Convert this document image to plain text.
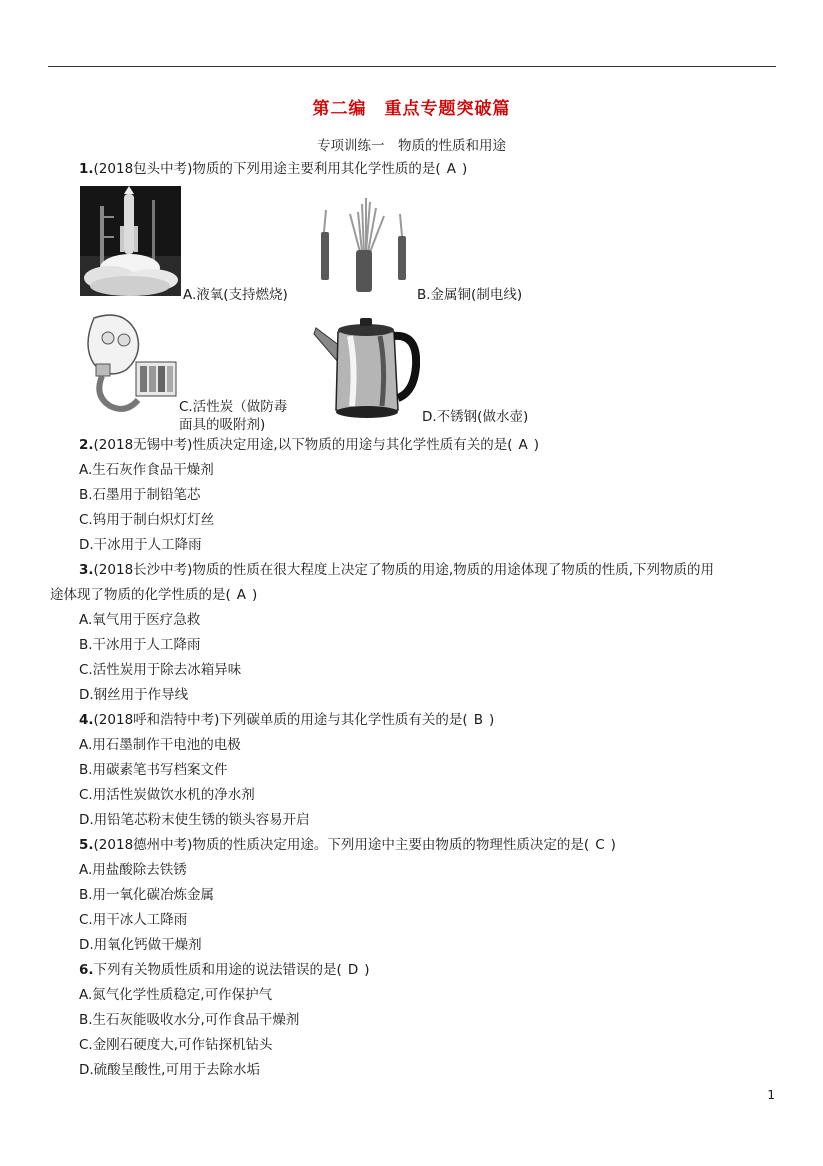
第二编　重点专题突破篇
专项训练一　物质的性质和用途
1.(2018包头中考)物质的下列用途主要利用其化学性质的是( A )
A.液氧(支持燃烧)	B.金属铜(制电线)
C.活性炭（做防毒
面具的吸附剂)	D.不锈钢(做水壶)
2.(2018无锡中考)性质决定用途,以下物质的用途与其化学性质有关的是( A )
A.生石灰作食品干燥剂
B.石墨用于制铅笔芯
C.钨用于制白炽灯灯丝
D.干冰用于人工降雨
3.(2018长沙中考)物质的性质在很大程度上决定了物质的用途,物质的用途体现了物质的性质,下列物质的用
途体现了物质的化学性质的是( A )
A.氧气用于医疗急救
B.干冰用于人工降雨
C.活性炭用于除去冰箱异味
D.钢丝用于作导线
4.(2018呼和浩特中考)下列碳单质的用途与其化学性质有关的是( B )
A.用石墨制作干电池的电极
B.用碳素笔书写档案文件
C.用活性炭做饮水机的净水剂
D.用铅笔芯粉末使生锈的锁头容易开启
5.(2018德州中考)物质的性质决定用途。下列用途中主要由物质的物理性质决定的是( C )
A.用盐酸除去铁锈
B.用一氧化碳冶炼金属
C.用干冰人工降雨
D.用氧化钙做干燥剂
6.下列有关物质性质和用途的说法错误的是( D )
B.生石灰能吸收水分,可作食品干燥剂
A.氮气化学性质稳定,可作保护气
C.金刚石硬度大,可作钻探机钻头
D.硫酸呈酸性,可用于去除水垢
1
